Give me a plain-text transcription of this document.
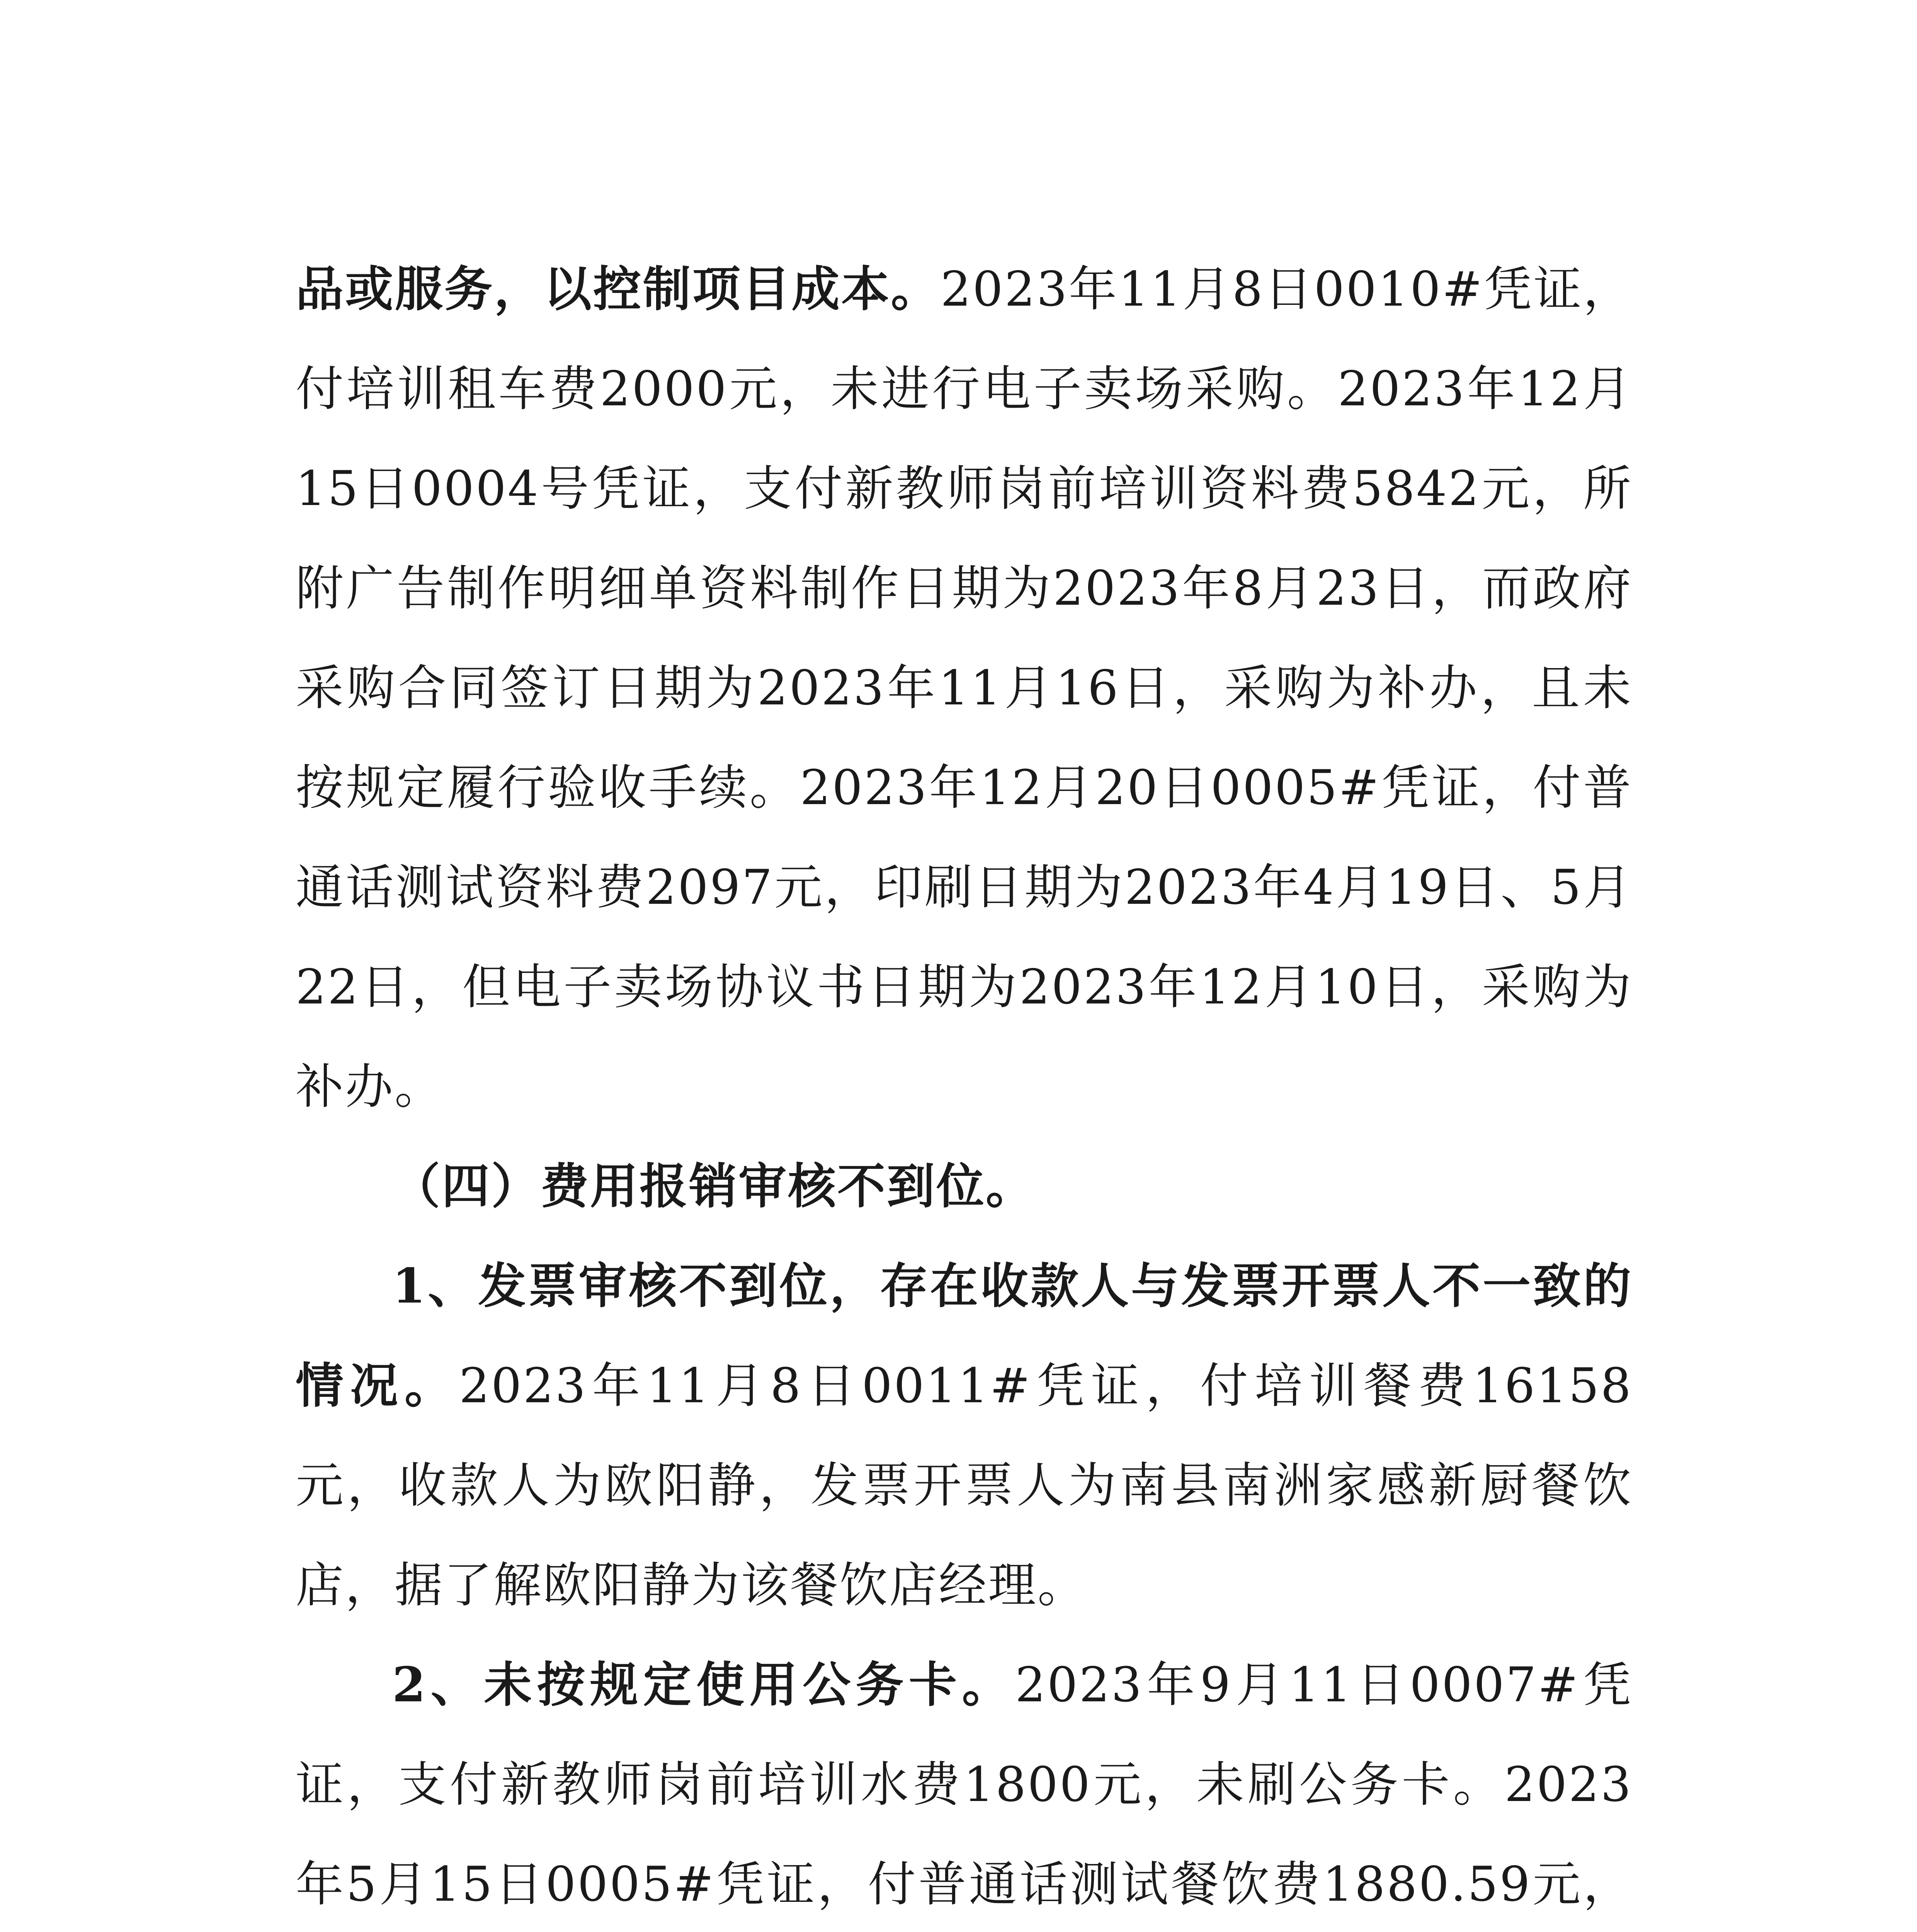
品或服务，以控制项目成本。2023年11月8日0010#凭证，付培训租车费2000元，未进行电子卖场采购。2023年12月15日0004号凭证，支付新教师岗前培训资料费5842元，所附广告制作明细单资料制作日期为2023年8月23日，而政府采购合同签订日期为2023年11月16日，采购为补办，且未按规定履行验收手续。2023年12月20日0005#凭证，付普通话测试资料费2097元，印刷日期为2023年4月19日、5月22日，但电子卖场协议书日期为2023年12月10日，采购为补办。

（四）费用报销审核不到位。

1、发票审核不到位，存在收款人与发票开票人不一致的情况。2023年11月8日0011#凭证，付培训餐费16158元，收款人为欧阳静，发票开票人为南县南洲家感新厨餐饮店，据了解欧阳静为该餐饮店经理。

2、未按规定使用公务卡。2023年9月11日0007#凭证，支付新教师岗前培训水费1800元，未刷公务卡。2023年5月15日0005#凭证，付普通话测试餐饮费1880.59元，
